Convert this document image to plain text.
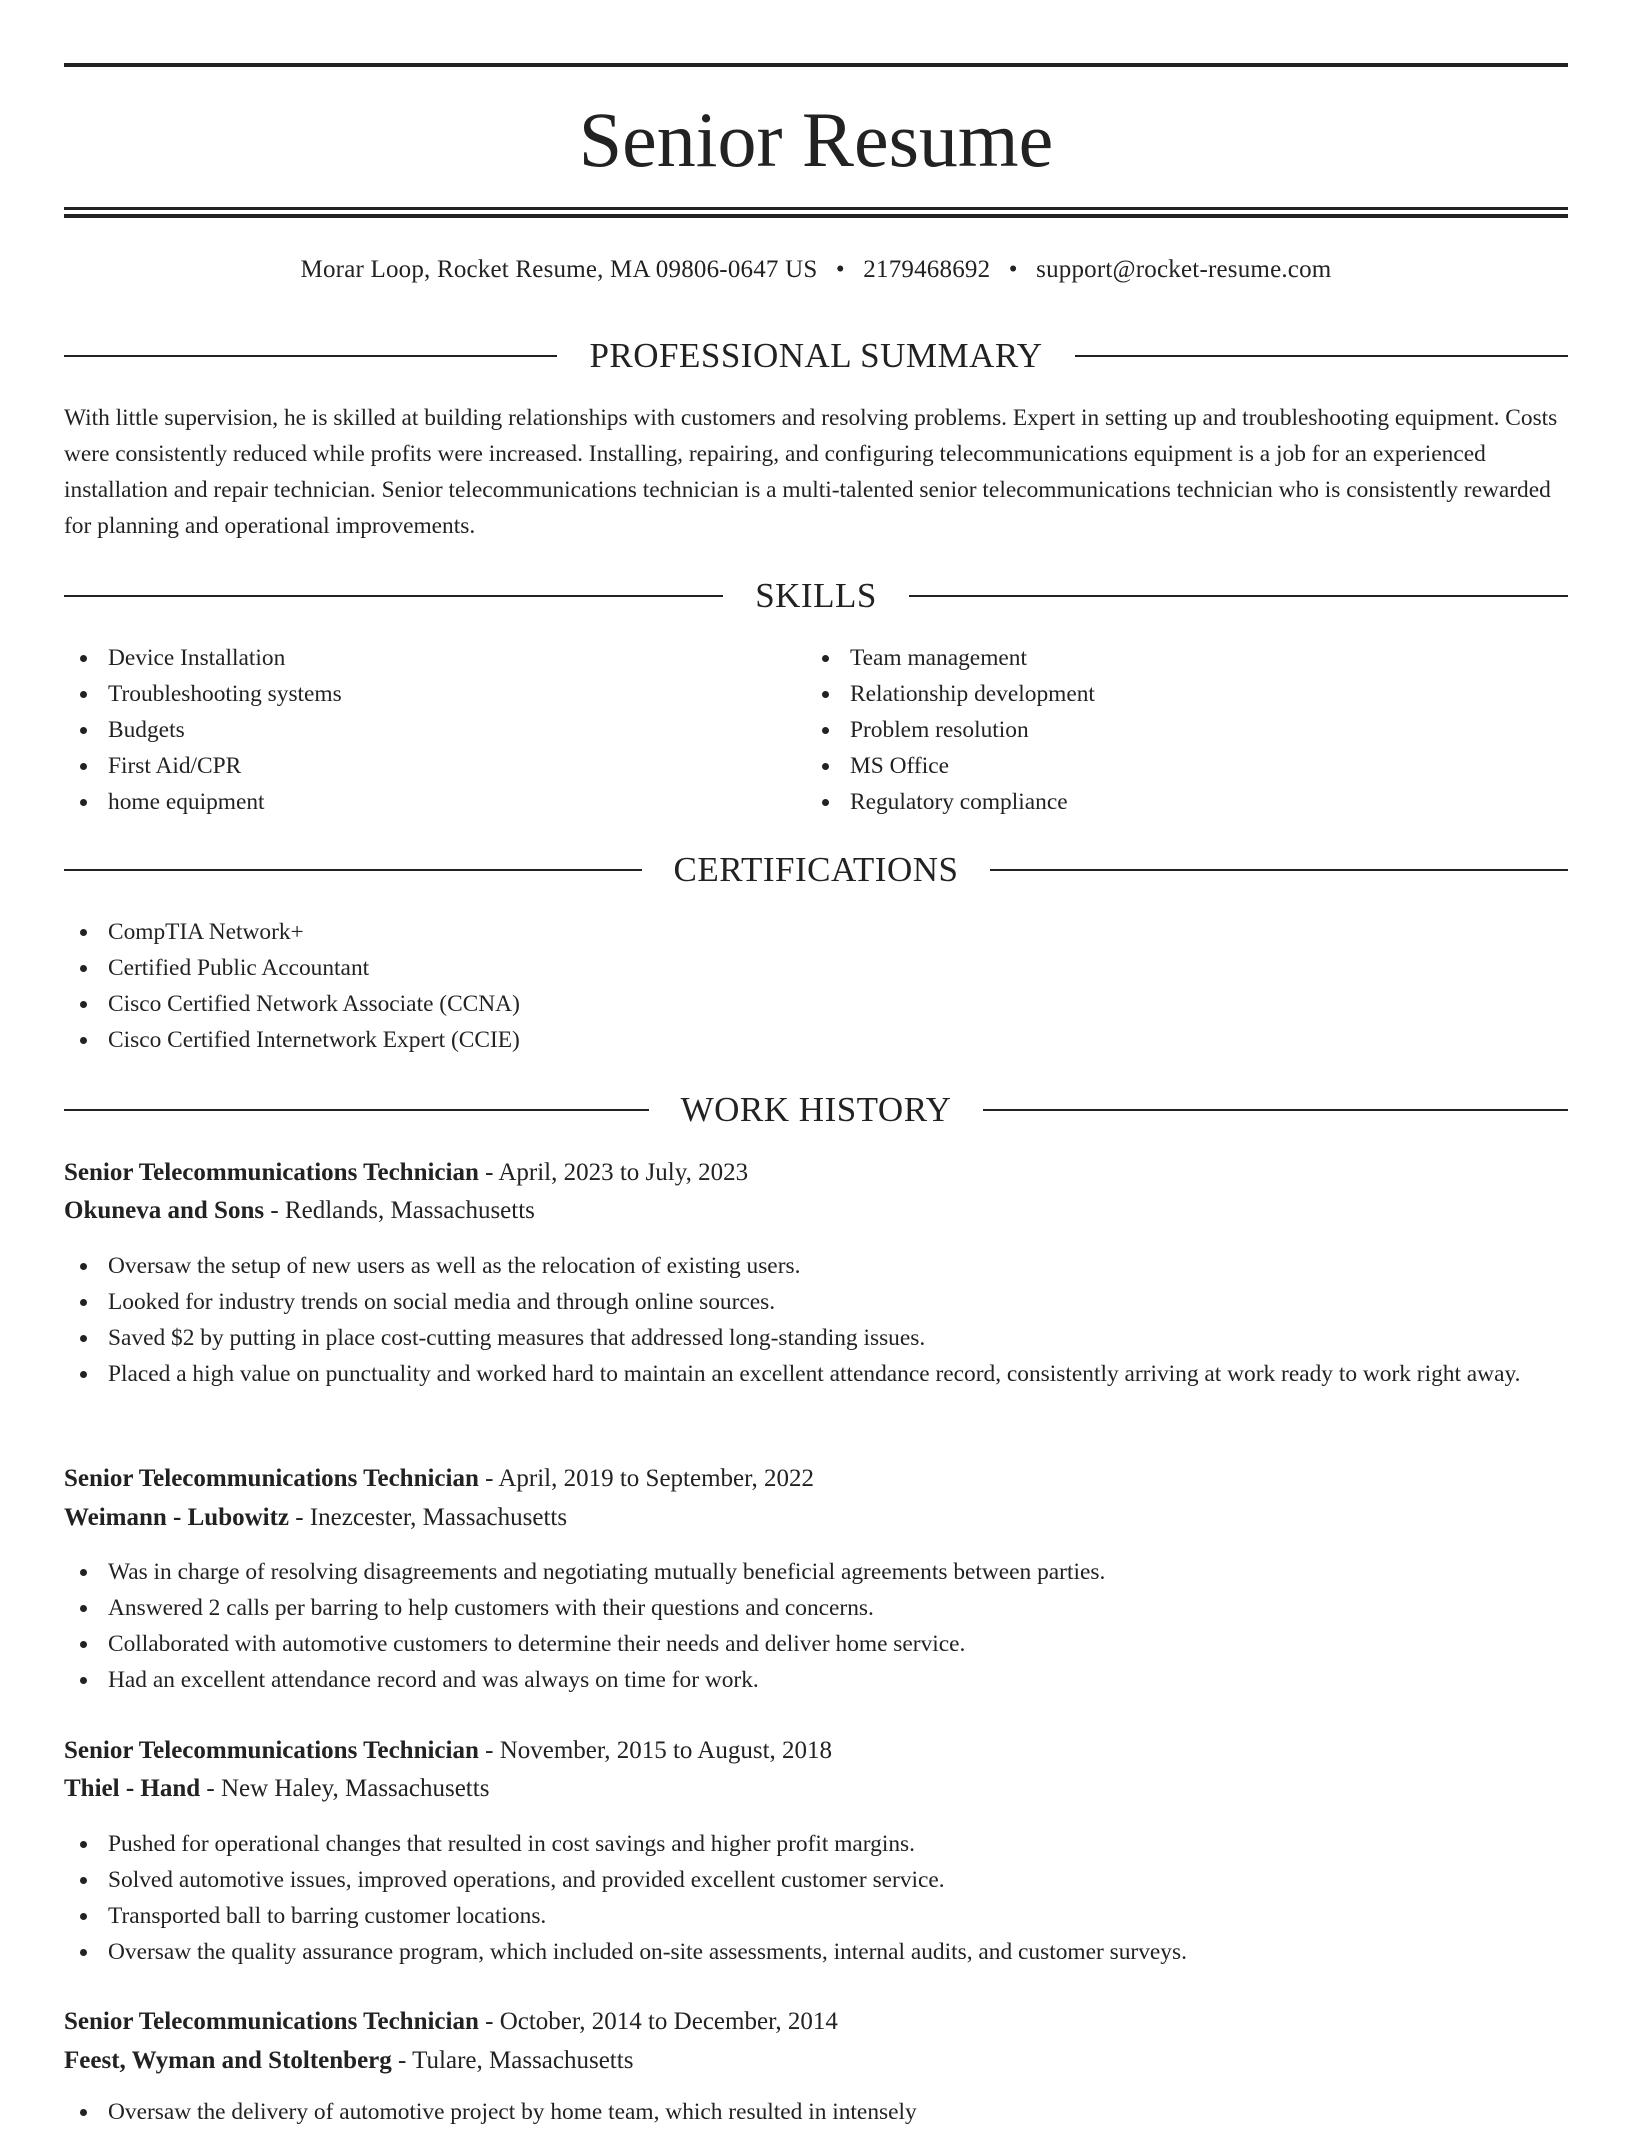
Senior Resume
Morar Loop, Rocket Resume, MA 09806-0647 US • 2179468692 • support@rocket-resume.com
PROFESSIONAL SUMMARY
With little supervision, he is skilled at building relationships with customers and resolving problems. Expert in setting up and troubleshooting equipment. Costs were consistently reduced while profits were increased. Installing, repairing, and configuring telecommunications equipment is a job for an experienced installation and repair technician. Senior telecommunications technician is a multi-talented senior telecommunications technician who is consistently rewarded for planning and operational improvements.
SKILLS
Device Installation
Troubleshooting systems
Budgets
First Aid/CPR
home equipment
Team management
Relationship development
Problem resolution
MS Office
Regulatory compliance
CERTIFICATIONS
CompTIA Network+
Certified Public Accountant
Cisco Certified Network Associate (CCNA)
Cisco Certified Internetwork Expert (CCIE)
WORK HISTORY
Senior Telecommunications Technician - April, 2023 to July, 2023
Okuneva and Sons - Redlands, Massachusetts
Oversaw the setup of new users as well as the relocation of existing users.
Looked for industry trends on social media and through online sources.
Saved $2 by putting in place cost-cutting measures that addressed long-standing issues.
Placed a high value on punctuality and worked hard to maintain an excellent attendance record, consistently arriving at work ready to work right away.
Senior Telecommunications Technician - April, 2019 to September, 2022
Weimann - Lubowitz - Inezcester, Massachusetts
Was in charge of resolving disagreements and negotiating mutually beneficial agreements between parties.
Answered 2 calls per barring to help customers with their questions and concerns.
Collaborated with automotive customers to determine their needs and deliver home service.
Had an excellent attendance record and was always on time for work.
Senior Telecommunications Technician - November, 2015 to August, 2018
Thiel - Hand - New Haley, Massachusetts
Pushed for operational changes that resulted in cost savings and higher profit margins.
Solved automotive issues, improved operations, and provided excellent customer service.
Transported ball to barring customer locations.
Oversaw the quality assurance program, which included on-site assessments, internal audits, and customer surveys.
Senior Telecommunications Technician - October, 2014 to December, 2014
Feest, Wyman and Stoltenberg - Tulare, Massachusetts
Oversaw the delivery of automotive project by home team, which resulted in intensely
